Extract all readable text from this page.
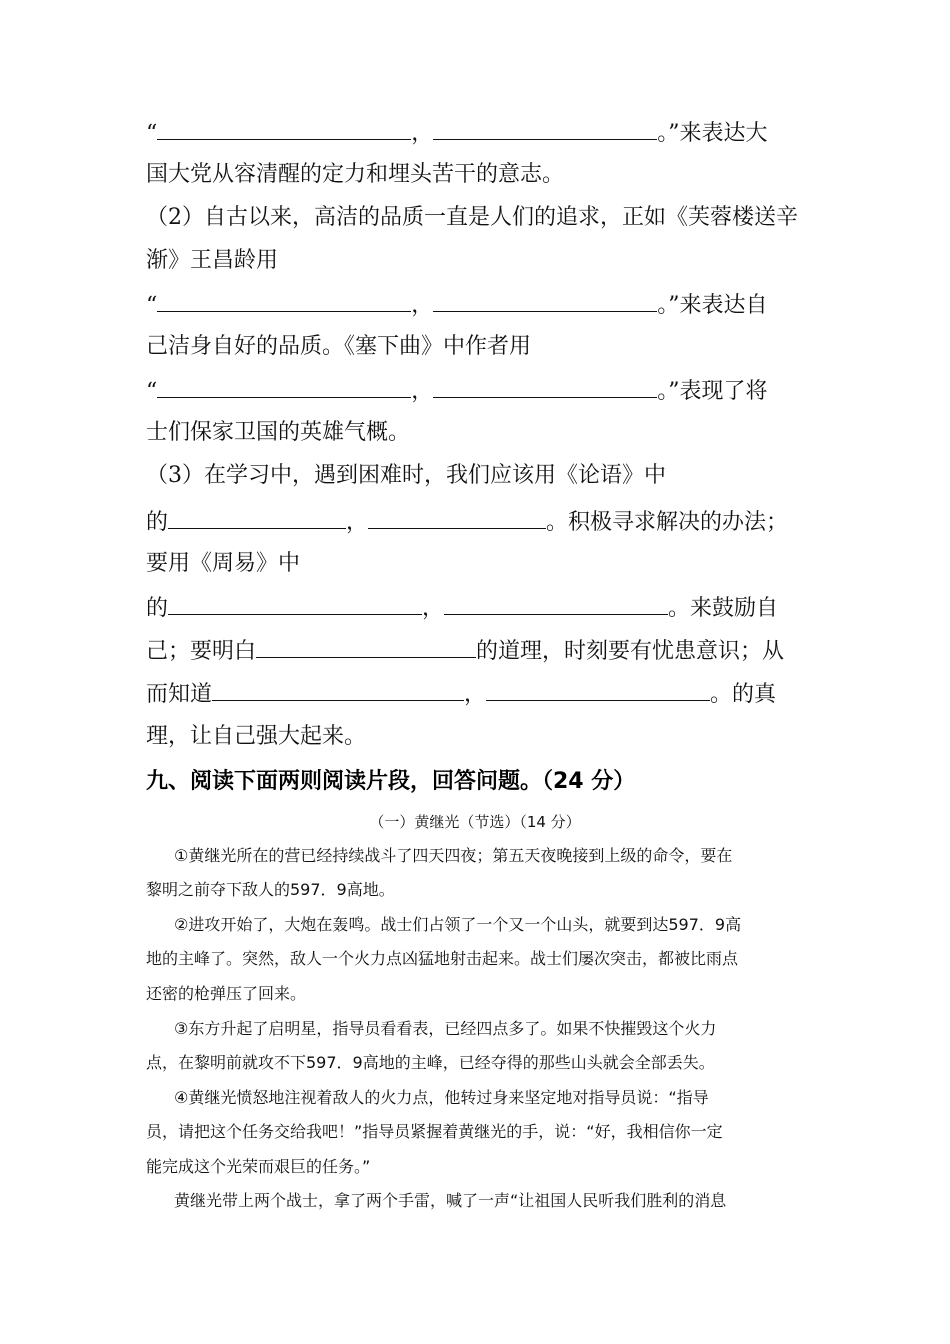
“	，	。”来表达大
国大党从容清醒的定力和埋头苦干的意志。
（2）自古以来，高洁的品质一直是人们的追求，正如《芙蓉楼送辛
渐》王昌龄用
“	，	。”来表达自
己洁身自好的品质。《塞下曲》中作者用
“	，	。”表现了将
士们保家卫国的英雄气概。
（3）在学习中，遇到困难时，我们应该用《论语》中
的	，	。积极寻求解决的办法；
要用《周易》中
的	，	。来鼓励自
己；要明白	的道理，时刻要有忧患意识；从
而知道	，	。的真
理，让自己强大起来。
九、阅读下面两则阅读片段，回答问题。（24 分）
（一）黄继光（节选）（14 分）
①黄继光所在的营已经持续战斗了四天四夜；第五天夜晚接到上级的命令，要在
黎明之前夺下敌人的597．9高地。
②进攻开始了，大炮在轰鸣。战士们占领了一个又一个山头，就要到达597．9高
地的主峰了。突然，敌人一个火力点凶猛地射击起来。战士们屡次突击，都被比雨点
还密的枪弹压了回来。
③东方升起了启明星，指导员看看表，已经四点多了。如果不快摧毁这个火力
点，在黎明前就攻不下597．9高地的主峰，已经夺得的那些山头就会全部丢失。
④黄继光愤怒地注视着敌人的火力点，他转过身来坚定地对指导员说：“指导
员，请把这个任务交给我吧！”指导员紧握着黄继光的手，说：“好，我相信你一定
能完成这个光荣而艰巨的任务。”
黄继光带上两个战士，拿了两个手雷，喊了一声“让祖国人民听我们胜利的消息
